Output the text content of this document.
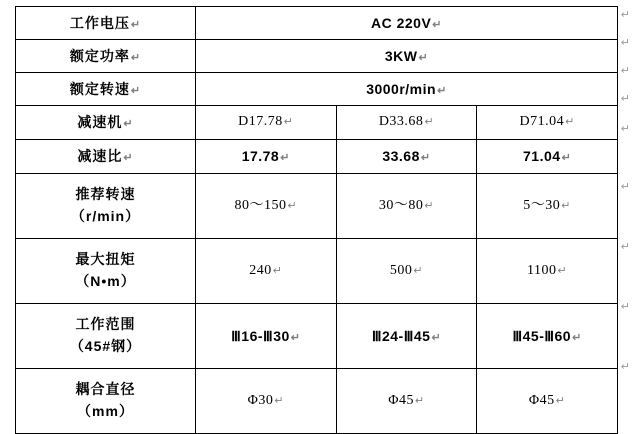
工作电压↵	AC 220V↵		
额定功率↵	3KW↵		
额定转速↵	3000r/min↵		
减速机↵	D17.78↵	D33.68↵	D71.04↵
减速比↵	17.78↵	33.68↵	71.04↵

推荐转速
（r/min）	80～150↵	30～80↵	5～30↵

最大扭矩
（N•m）	240↵	500↵	1100↵

工作范围
（45#钢）	Ⅲ16-Ⅲ30↵	Ⅲ24-Ⅲ45↵	Ⅲ45-Ⅲ60↵

耦合直径
（mm）	Φ30↵	Φ45↵	Φ45↵
↵
↵
↵
↵
↵
↵
↵
↵
↵
